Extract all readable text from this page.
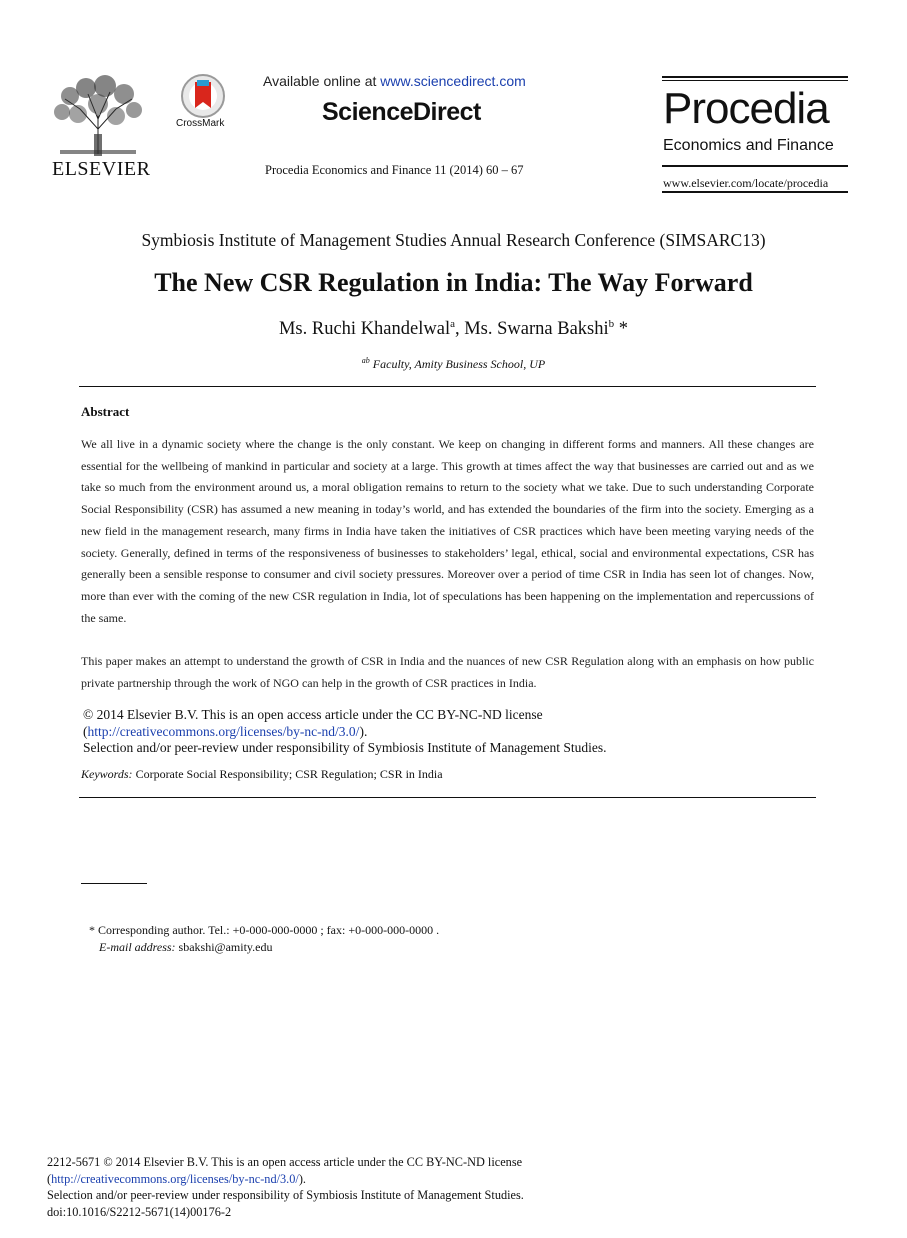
ELSEVIER
CrossMark
Available online at www.sciencedirect.com
ScienceDirect
Procedia Economics and Finance 11 (2014) 60 – 67
Procedia
Economics and Finance
www.elsevier.com/locate/procedia
Symbiosis Institute of Management Studies Annual Research Conference (SIMSARC13)
The New CSR Regulation in India: The Way Forward
Ms. Ruchi Khandelwal$^a$, Ms. Swarna Bakshi$^b$ *
$^{ab}$ Faculty, Amity Business School, UP
Abstract
We all live in a dynamic society where the change is the only constant. We keep on changing in different forms and manners. All these changes are essential for the wellbeing of mankind in particular and society at a large. This growth at times affect the way that businesses are carried out and as we take so much from the environment around us, a moral obligation remains to return to the society what we take. Due to such understanding Corporate Social Responsibility (CSR) has assumed a new meaning in today’s world, and has extended the boundaries of the firm into the society. Emerging as a new field in the management research, many firms in India have taken the initiatives of CSR practices which have been meeting varying needs of the society. Generally, defined in terms of the responsiveness of businesses to stakeholders’ legal, ethical, social and environmental expectations, CSR has generally been a sensible response to consumer and civil society pressures. Moreover over a period of time CSR in India has seen lot of changes. Now, more than ever with the coming of the new CSR regulation in India, lot of speculations has been happening on the implementation and repercussions of the same.
This paper makes an attempt to understand the growth of CSR in India and the nuances of new CSR Regulation along with an emphasis on how public private partnership through the work of NGO can help in the growth of CSR practices in India.
© 2014 Elsevier B.V. This is an open access article under the CC BY-NC-ND license
(http://creativecommons.org/licenses/by-nc-nd/3.0/).
Selection and/or peer-review under responsibility of Symbiosis Institute of Management Studies.
Keywords: Corporate Social Responsibility; CSR Regulation; CSR in India
* Corresponding author. Tel.: +0-000-000-0000 ; fax: +0-000-000-0000 .
E-mail address: sbakshi@amity.edu
2212-5671 © 2014 Elsevier B.V. This is an open access article under the CC BY-NC-ND license
(http://creativecommons.org/licenses/by-nc-nd/3.0/).
Selection and/or peer-review under responsibility of Symbiosis Institute of Management Studies.
doi:10.1016/S2212-5671(14)00176-2
